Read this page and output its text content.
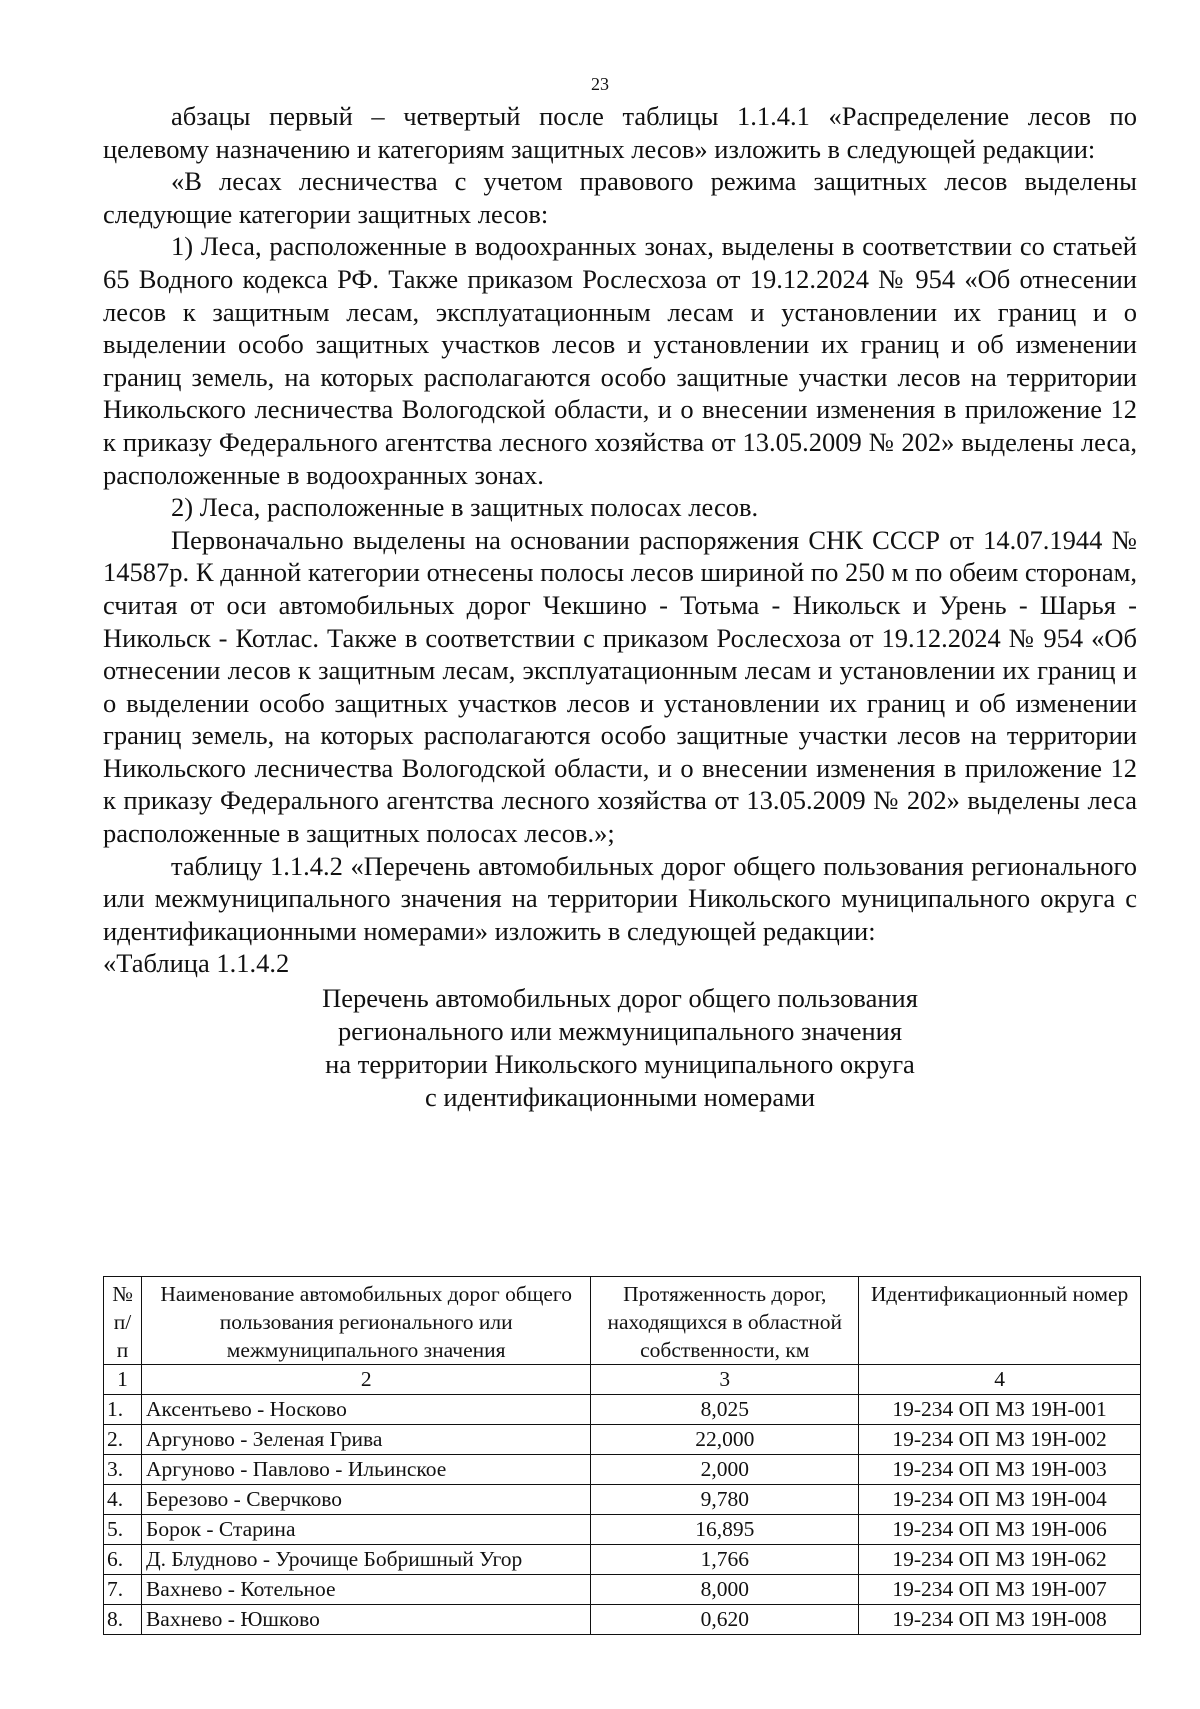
23

абзацы первый – четвертый после таблицы 1.1.4.1 «Распределение лесов по целевому назначению и категориям защитных лесов» изложить в следующей редакции:

«В лесах лесничества с учетом правового режима защитных лесов выделены следующие категории защитных лесов:

1) Леса, расположенные в водоохранных зонах, выделены в соответствии со статьей 65 Водного кодекса РФ. Также приказом Рослесхоза от 19.12.2024 № 954 «Об отнесении лесов к защитным лесам, эксплуатационным лесам и установлении их границ и о выделении особо защитных участков лесов и установлении их границ и об изменении границ земель, на которых располагаются особо защитные участки лесов на территории Никольского лесничества Вологодской области, и о внесении изменения в приложение 12 к приказу Федерального агентства лесного хозяйства от 13.05.2009 № 202» выделены леса, расположенные в водоохранных зонах.

2) Леса, расположенные в защитных полосах лесов.

Первоначально выделены на основании распоряжения СНК СССР от 14.07.1944 № 14587р. К данной категории отнесены полосы лесов шириной по 250 м по обеим сторонам, считая от оси автомобильных дорог Чекшино - Тотьма - Никольск и Урень - Шарья - Никольск - Котлас. Также в соответствии с приказом Рослесхоза от 19.12.2024 № 954 «Об отнесении лесов к защитным лесам, эксплуатационным лесам и установлении их границ и о выделении особо защитных участков лесов и установлении их границ и об изменении границ земель, на которых располагаются особо защитные участки лесов на территории Никольского лесничества Вологодской области, и о внесении изменения в приложение 12 к приказу Федерального агентства лесного хозяйства от 13.05.2009 № 202» выделены леса расположенные в защитных полосах лесов.»;

таблицу 1.1.4.2 «Перечень автомобильных дорог общего пользования регионального или межмуниципального значения на территории Никольского муниципального округа с идентификационными номерами» изложить в следующей редакции:

«Таблица 1.1.4.2

Перечень автомобильных дорог общего пользования
регионального или межмуниципального значения
на территории Никольского муниципального округа
с идентификационными номерами

№ п/п	Наименование автомобильных дорог общего пользования регионального или межмуниципального значения	Протяженность дорог, находящихся в областной собственности, км	Идентификационный номер
1	2	3	4
1.	Аксентьево - Носково	8,025	19-234 ОП МЗ 19Н-001
2.	Аргуново - Зеленая Грива	22,000	19-234 ОП МЗ 19Н-002
3.	Аргуново - Павлово - Ильинское	2,000	19-234 ОП МЗ 19Н-003
4.	Березово - Сверчково	9,780	19-234 ОП МЗ 19Н-004
5.	Борок - Старина	16,895	19-234 ОП МЗ 19Н-006
6.	Д. Блудново - Урочище Бобришный Угор	1,766	19-234 ОП МЗ 19Н-062
7.	Вахнево - Котельное	8,000	19-234 ОП МЗ 19Н-007
8.	Вахнево - Юшково	0,620	19-234 ОП МЗ 19Н-008
